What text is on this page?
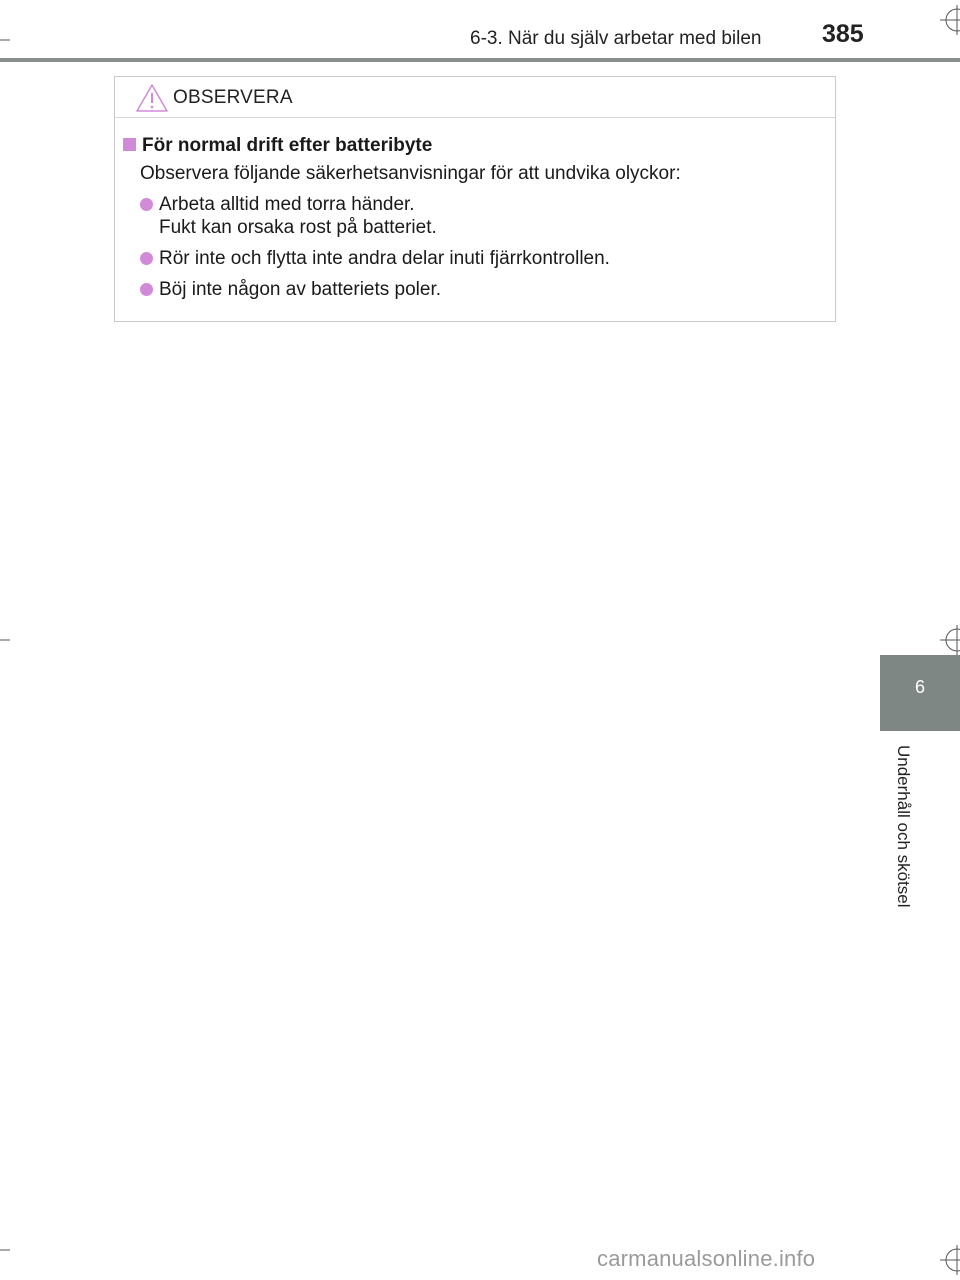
6-3. När du själv arbetar med bilen 385
OBSERVERA
För normal drift efter batteribyte
Observera följande säkerhetsanvisningar för att undvika olyckor:
Arbeta alltid med torra händer.
Fukt kan orsaka rost på batteriet.
Rör inte och flytta inte andra delar inuti fjärrkontrollen.
Böj inte någon av batteriets poler.
6
Underhåll och skötsel
carmanualsonline.info
